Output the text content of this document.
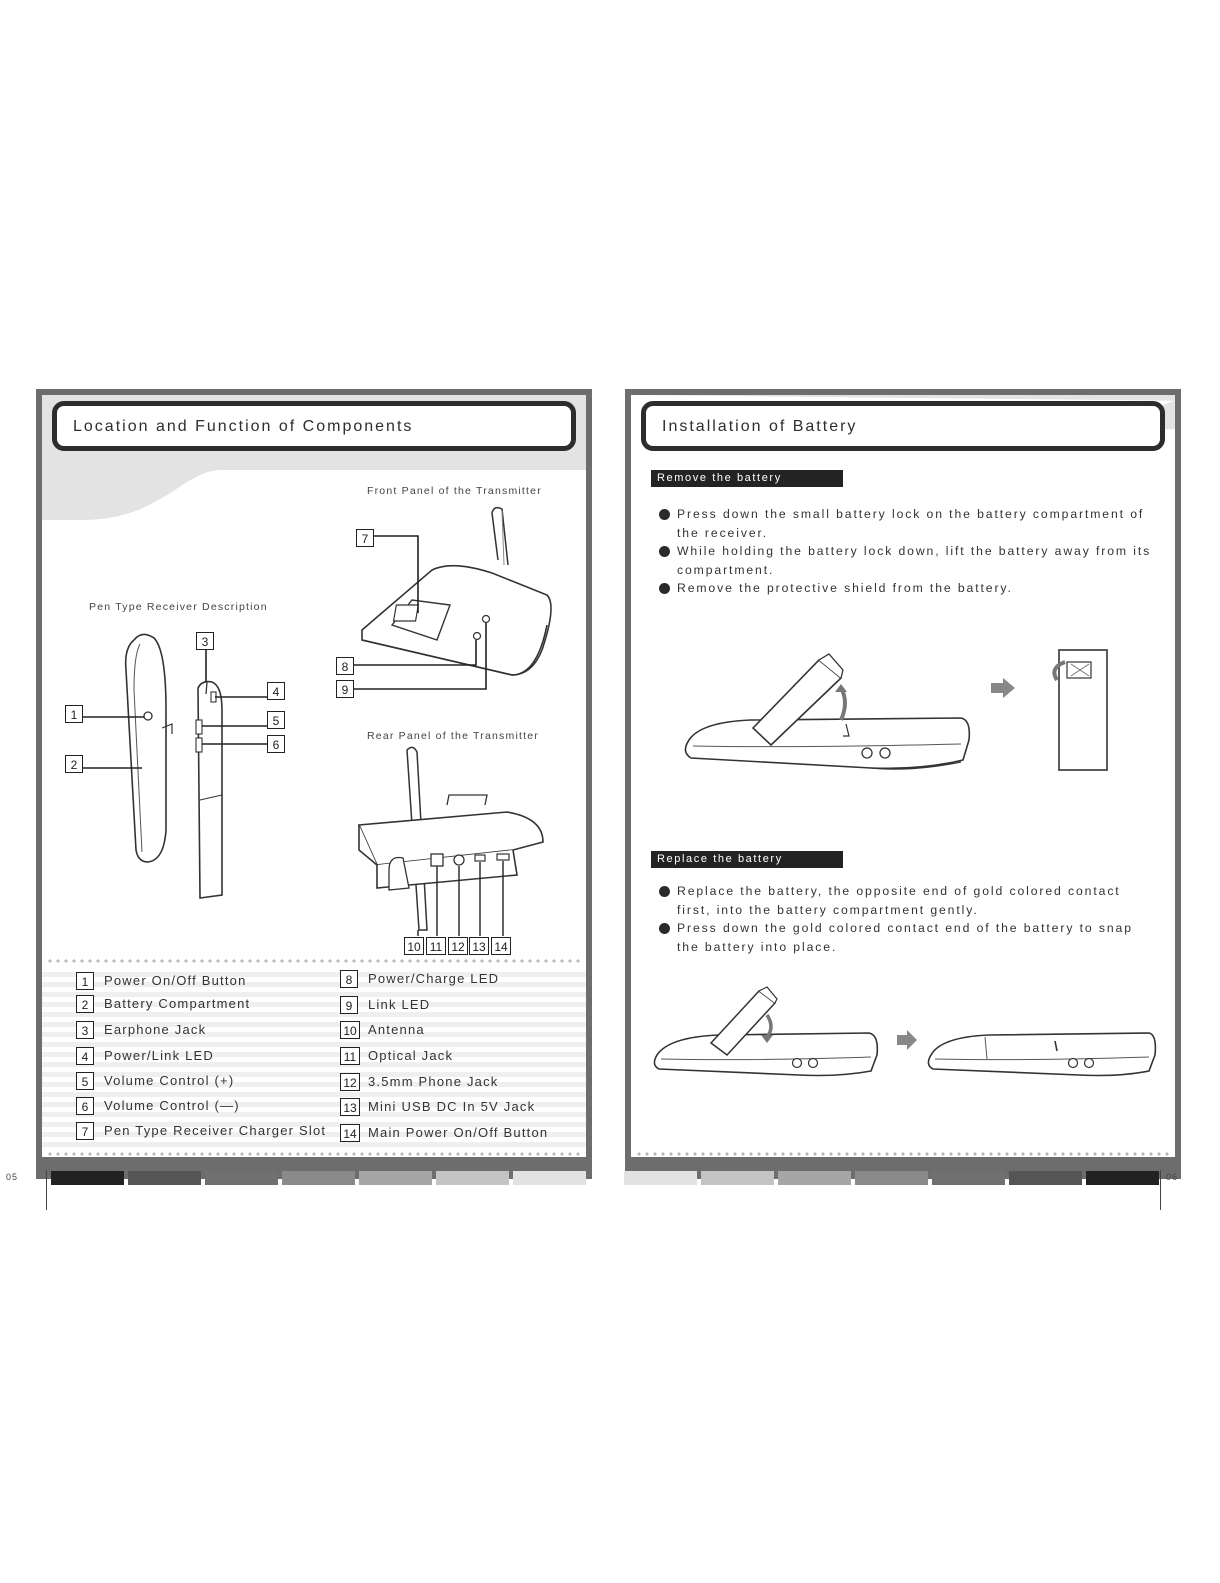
Location and Function of Components
Front Panel of the Transmitter
Pen Type Receiver Description
Rear Panel of the Transmitter
7
8
9
10 11 12 13 14
3
4
5
6
1
2
1	Power On/Off Button
2	Battery Compartment
3	Earphone Jack
4	Power/Link LED
5	Volume Control (+)
6	Volume Control (—)
7	Pen Type Receiver Charger Slot
8	Power/Charge LED
9	Link LED
10 Antenna
11 Optical Jack
12 3.5mm Phone Jack
13 Mini USB DC In 5V Jack
14 Main Power On/Off Button
Installation of Battery
Remove the battery
Press down the small battery lock on the battery compartment of the receiver.
While holding the battery lock down, lift the battery away from its compartment.
Remove the protective shield from the battery.
Replace the battery
Replace the battery, the opposite end of gold colored contact first, into the battery compartment gently.
Press down the gold colored contact end of the battery to snap the battery into place.
05	06
